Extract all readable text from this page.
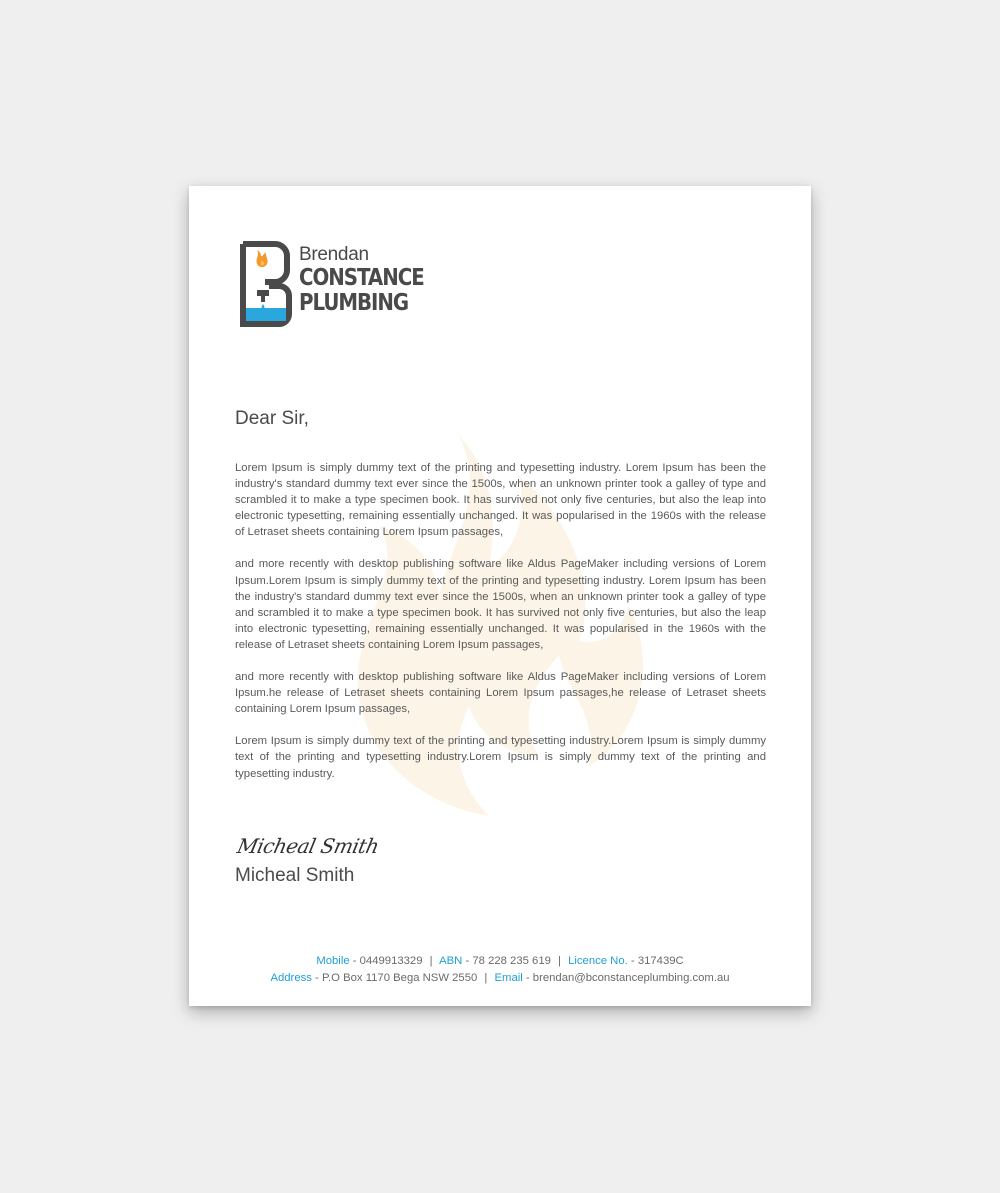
Brendan
CONSTANCE
PLUMBING
Dear Sir,

Lorem Ipsum is simply dummy text of the printing and typesetting industry. Lorem Ipsum has been the industry's standard dummy text ever since the 1500s, when an unknown printer took a galley of type and scrambled it to make a type specimen book. It has survived not only five centuries, but also the leap into electronic typesetting, remaining essentially unchanged. It was popularised in the 1960s with the release of Letraset sheets containing Lorem Ipsum passages,

and more recently with desktop publishing software like Aldus PageMaker including versions of Lorem Ipsum.Lorem Ipsum is simply dummy text of the printing and typesetting industry. Lorem Ipsum has been the industry's standard dummy text ever since the 1500s, when an unknown printer took a galley of type and scrambled it to make a type specimen book. It has survived not only five centuries, but also the leap into electronic typesetting, remaining essentially unchanged. It was popularised in the 1960s with the release of Letraset sheets containing Lorem Ipsum passages,

and more recently with desktop publishing software like Aldus PageMaker including versions of Lorem Ipsum.he release of Letraset sheets containing Lorem Ipsum passages,he release of Letraset sheets containing Lorem Ipsum passages,

Lorem Ipsum is simply dummy text of the printing and typesetting industry.Lorem Ipsum is simply dummy text of the printing and typesetting industry.Lorem Ipsum is simply dummy text of the printing and typesetting industry.

Micheal Smith
Micheal Smith
Mobile - 0449913329 | ABN - 78 228 235 619 | Licence No. - 317439C
Address - P.O Box 1170 Bega NSW 2550 | Email - brendan@bconstanceplumbing.com.au
